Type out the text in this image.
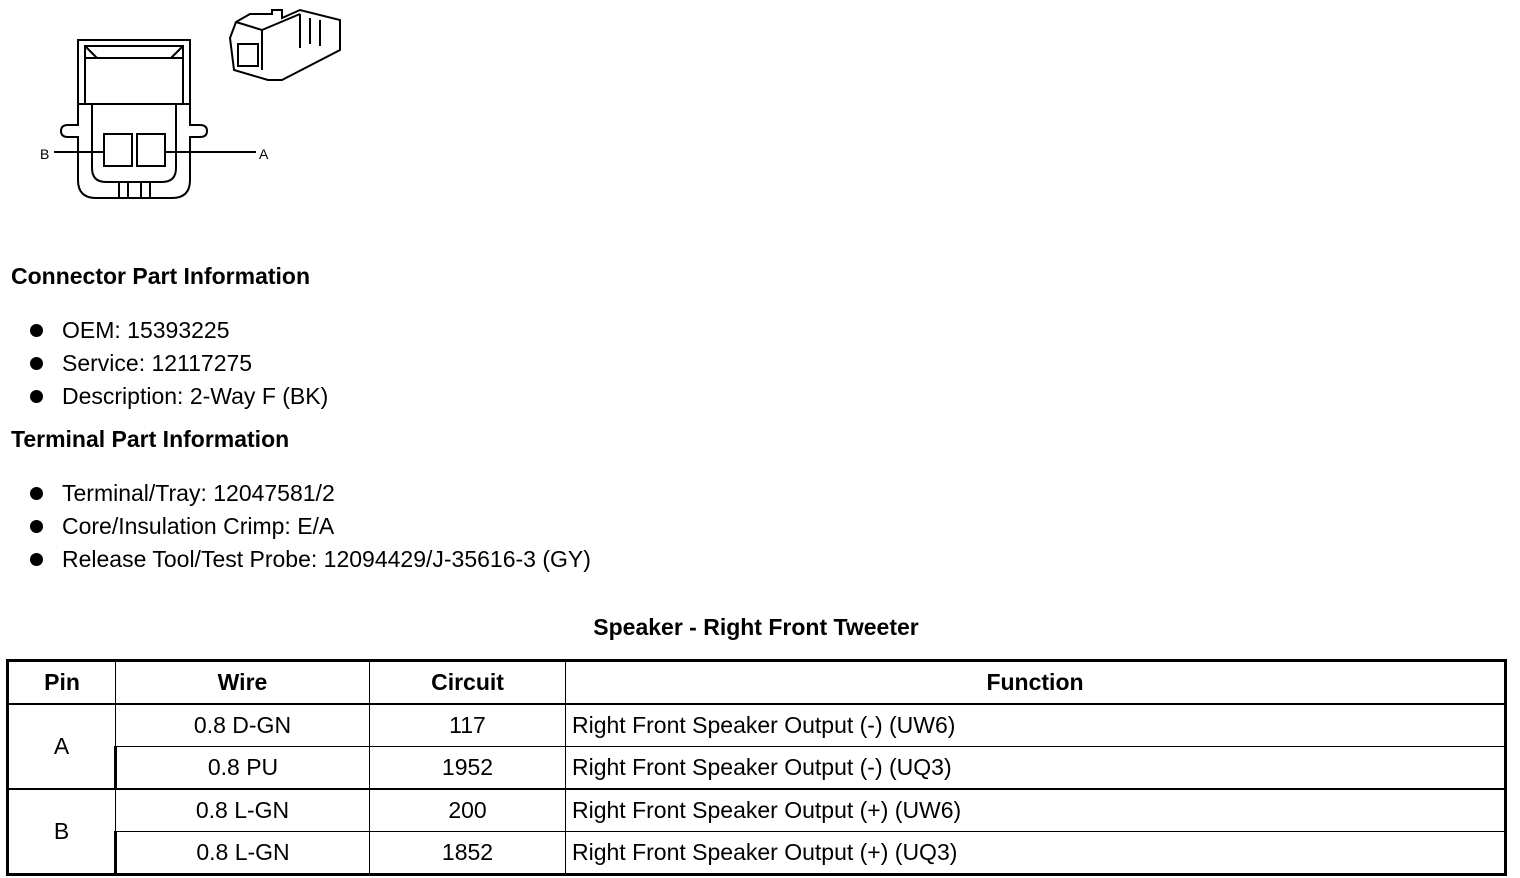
B	A
Connector Part Information
OEM: 15393225
Service: 12117275
Description: 2-Way F (BK)
Terminal Part Information
Terminal/Tray: 12047581/2
Core/Insulation Crimp: E/A
Release Tool/Test Probe: 12094429/J-35616-3 (GY)
Speaker - Right Front Tweeter
Pin	Wire	Circuit	Function
A	0.8 D-GN	117	Right Front Speaker Output (-) (UW6)
	0.8 PU	1952	Right Front Speaker Output (-) (UQ3)
B	0.8 L-GN	200	Right Front Speaker Output (+) (UW6)
	0.8 L-GN	1852	Right Front Speaker Output (+) (UQ3)
